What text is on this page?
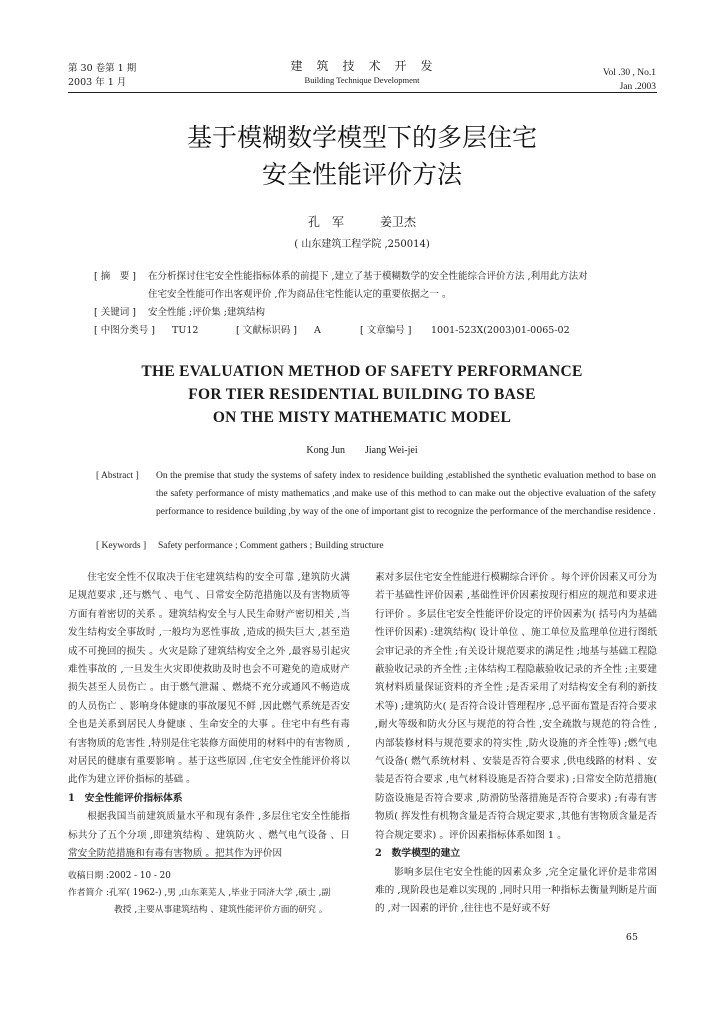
第 30 卷第 1 期
2003 年 1 月
建　筑　技　术　开　发
Building Technique Development
Vol .30 , No.1
Jan .2003
基于模糊数学模型下的多层住宅
安全性能评价方法
孔　军　　　姜卫杰
( 山东建筑工程学院 ,250014)
[ 摘　要 ] 在分析探讨住宅安全性能指标体系的前提下 ,建立了基于模糊数学的安全性能综合评价方法 ,利用此方法对
住宅安全性能可作出客观评价 ,作为商品住宅性能认定的重要依据之一 。
[ 关键词 ] 安全性能 ;评价集 ;建筑结构
[ 中图分类号 ] TU12	[ 文献标识码 ] A	[ 文章编号 ] 1001-523X(2003)01-0065-02
THE EVALUATION METHOD OF SAFETY PERFORMANCE
FOR TIER RESIDENTIAL BUILDING TO BASE
ON THE MISTY MATHEMATIC MODEL
Kong Jun　　Jiang Wei-jei
[ Abstract ] On the premise that study the systems of safety index to residence building ,established the synthetic evaluation method to base on the safety performance of misty mathematics ,and make use of this method to can make out the objective evaluation of the safety performance to residence building ,by way of the one of important gist to recognize the performance of the merchandise residence .
[ Keywords ] Safety performance ; Comment gathers ; Building structure

住宅安全性不仅取决于住宅建筑结构的安全可靠 ,建筑防火满足规范要求 ,还与燃气 、电气 、日常安全防范措施以及有害物质等方面有着密切的关系 。建筑结构安全与人民生命财产密切相关 ,当发生结构安全事故时 ,一般均为恶性事故 ,造成的损失巨大 ,甚至造成不可挽回的损失 。火灾是除了建筑结构安全之外 ,最容易引起灾难性事故的 ,一旦发生火灾即使救助及时也会不可避免的造成财产损失甚至人员伤亡 。由于燃气泄漏 、燃烧不充分或通风不畅造成的人员伤亡 、影响身体健康的事故屡见不鲜 ,因此燃气系统是否安全也是关系到居民人身健康 、生命安全的大事 。住宅中有些有毒有害物质的危害性 ,特别是住宅装修方面使用的材料中的有害物质 ,对居民的健康有重要影响 。基于这些原因 ,住宅安全性能评价将以此作为建立评价指标的基础 。

1　安全性能评价指标体系

根据我国当前建筑质量水平和现有条件 ,多层住宅安全性能指标共分了五个分项 ,即建筑结构 、建筑防火 、燃气电气设备 、日常安全防范措施和有毒有害物质 。把其作为评价因

素对多层住宅安全性能进行模糊综合评价 。每个评价因素又可分为若干基础性评价因素 ,基础性评价因素按现行相应的规范和要求进行评价 。多层住宅安全性能评价设定的评价因素为( 括号内为基础性评价因素) :建筑结构( 设计单位 、施工单位及监理单位进行图纸会审记录的齐全性 ;有关设计规范要求的满足性 ;地基与基础工程隐蔽验收记录的齐全性 ;主体结构工程隐蔽验收记录的齐全性 ;主要建筑材料质量保证资料的齐全性 ;是否采用了对结构安全有利的新技术等) ;建筑防火( 是否符合设计管理程序 ,总平面布置是否符合要求 ,耐火等级和防火分区与规范的符合性 ,安全疏散与规范的符合性 ,内部装修材料与规范要求的符实性 ,防火设施的齐全性等) ;燃气电气设备( 燃气系统材料 、安装是否符合要求 ,供电线路的材料 、安装是否符合要求 ,电气材料设施是否符合要求) ;日常安全防范措施( 防盗设施是否符合要求 ,防滑防坠落措施是否符合要求) ;有毒有害物质( 挥发性有机物含量是否符合规定要求 ,其他有害物质含量是否符合规定要求) 。评价因素指标体系如图 1 。

2　数学模型的建立

影响多层住宅安全性能的因素众多 ,完全定量化评价是非常困难的 ,现阶段也是难以实现的 ,同时只用一种指标去衡量判断是片面的 ,对一因素的评价 ,往往也不是好或不好

收稿日期 :2002 - 10 - 20
作者简介 :孔军( 1962-) ,男 ,山东莱芜人 ,毕业于同济大学 ,硕士 ,副
教授 ,主要从事建筑结构 、建筑性能评价方面的研究 。
65
